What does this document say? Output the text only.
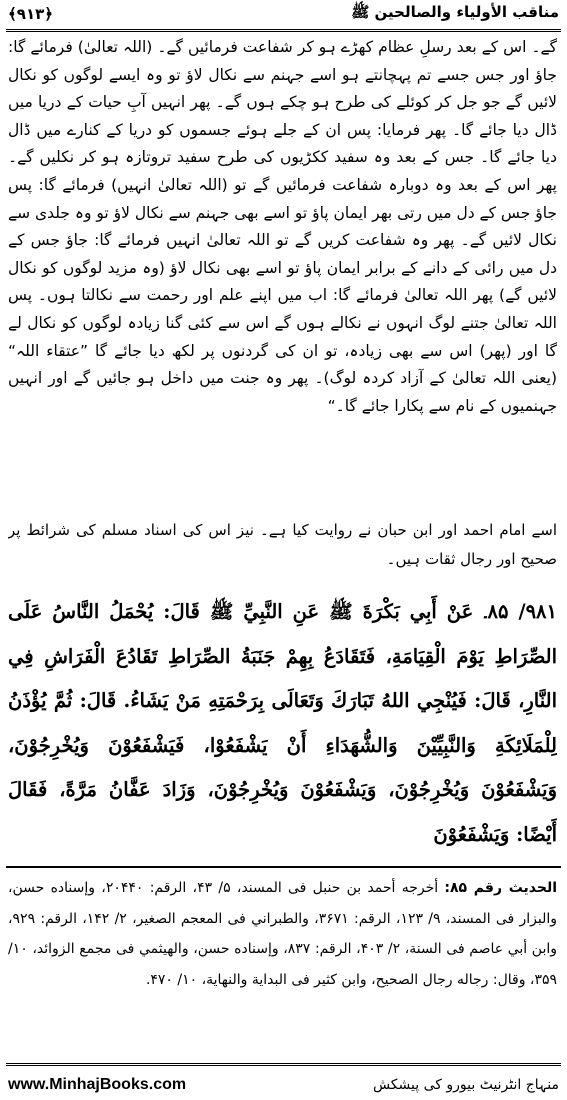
﴿۹۱۳﴾	مناقب الأولياء والصالحين ﷺ

گے۔ اس کے بعد رسلِ عظام کھڑے ہو کر شفاعت فرمائیں گے۔ (اللہ تعالیٰ) فرمائے گا: جاؤ اور جس جسے تم پہچانتے ہو اسے جہنم سے نکال لاؤ تو وہ ایسے لوگوں کو نکال لائیں گے جو جل کر کوئلے کی طرح ہو چکے ہوں گے۔ پھر انہیں آبِ حیات کے دریا میں ڈال دیا جائے گا۔ پھر فرمایا: پس ان کے جلے ہوئے جسموں کو دریا کے کنارے میں ڈال دیا جائے گا۔ جس کے بعد وہ سفید ککڑیوں کی طرح سفید تروتازہ ہو کر نکلیں گے۔ پھر اس کے بعد وہ دوبارہ شفاعت فرمائیں گے تو (اللہ تعالیٰ انہیں) فرمائے گا: پس جاؤ جس کے دل میں رتی بھر ایمان پاؤ تو اسے بھی جہنم سے نکال لاؤ تو وہ جلدی سے نکال لائیں گے۔ پھر وہ شفاعت کریں گے تو اللہ تعالیٰ انہیں فرمائے گا: جاؤ جس کے دل میں رائی کے دانے کے برابر ایمان پاؤ تو اسے بھی نکال لاؤ (وہ مزید لوگوں کو نکال لائیں گے) پھر اللہ تعالیٰ فرمائے گا: اب میں اپنے علم اور رحمت سے نکالتا ہوں۔ پس اللہ تعالیٰ جتنے لوگ انہوں نے نکالے ہوں گے اس سے کئی گنا زیادہ لوگوں کو نکال لے گا اور (پھر) اس سے بھی زیادہ، تو ان کی گردنوں پر لکھ دیا جائے گا ”عتقاء اللہ“ (یعنی اللہ تعالیٰ کے آزاد کردہ لوگ)۔ پھر وہ جنت میں داخل ہو جائیں گے اور انہیں جہنمیوں کے نام سے پکارا جائے گا۔“

اسے امام احمد اور ابن حبان نے روایت کیا ہے۔ نیز اس کی اسناد مسلم کی شرائط پر صحیح اور رجال ثقات ہیں۔

۹۸۱/ ۸۵۔ عَنْ أَبِي بَكْرَةَ ﷺ عَنِ النَّبِيِّ ﷺ قَالَ: يُحْمَلُ النَّاسُ عَلَى الصِّرَاطِ يَوْمَ الْقِيَامَةِ، فَتَقَادَعُ بِهِمْ جَنَبَةُ الصِّرَاطِ تَقَادُعَ الْفَرَاشِ فِي النَّارِ، قَالَ: فَيُنْجِي اللهُ تَبَارَكَ وَتَعَالَى بِرَحْمَتِهِ مَنْ يَشَاءُ. قَالَ: ثُمَّ يُؤْذَنُ لِلْمَلَائِكَةِ وَالنَّبِيِّيْنَ وَالشُّهَدَاءِ أَنْ يَشْفَعُوْا، فَيَشْفَعُوْنَ وَيُخْرِجُوْنَ، وَيَشْفَعُوْنَ وَيُخْرِجُوْنَ، وَيَشْفَعُوْنَ وَيُخْرِجُوْنَ، وَزَادَ عَفَّانُ مَرَّةً، فَقَالَ أَيْضًا: وَيَشْفَعُوْنَ
الحديث رقم ۸۵: أخرجه أحمد بن حنبل فى المسند، ۵/ ۴۳، الرقم: ۲۰۴۴۰، وإسناده حسن، والبزار فى المسند، ۹/ ۱۲۳، الرقم: ۳۶۷۱، والطبراني فى المعجم الصغير، ۲/ ۱۴۲، الرقم: ۹۲۹، وابن أبي عاصم فى السنة، ۲/ ۴۰۳، الرقم: ۸۳۷، وإسناده حسن، والهيثمي فى مجمع الزوائد، ۱۰/ ۳۵۹، وقال: رجاله رجال الصحيح، وابن كثير فى البداية والنهاية، ۱۰/ ۴۷۰.
www.MinhajBooks.com	منہاج انٹرنیٹ بیورو کی پیشکش
